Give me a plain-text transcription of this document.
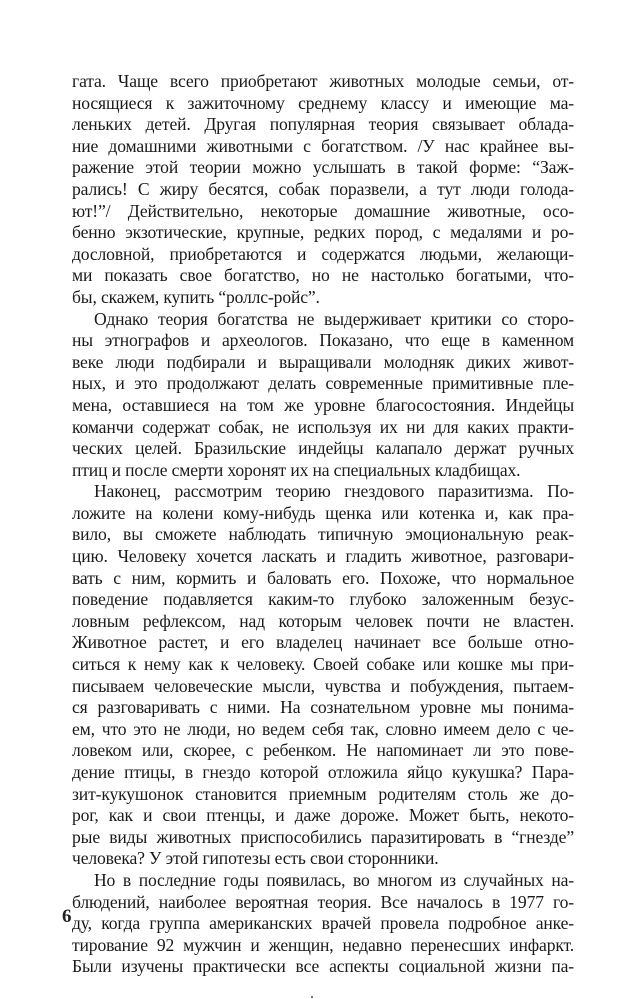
гата. Чаще всего приобретают животных молодые семьи, от-
носящиеся к зажиточному среднему классу и имеющие ма-
леньких детей. Другая популярная теория связывает облада-
ние домашними животными с богатством. /У нас крайнее вы-
ражение этой теории можно услышать в такой форме: “Заж-
рались! С жиру бесятся, собак поразвели, а тут люди голода-
ют!”/ Действительно, некоторые домашние животные, осо-
бенно экзотические, крупные, редких пород, с медалями и ро-
дословной, приобретаются и содержатся людьми, желающи-
ми показать свое богатство, но не настолько богатыми, что-
бы, скажем, купить “роллс-ройс”.
Однако теория богатства не выдерживает критики со сторо-
ны этнографов и археологов. Показано, что еще в каменном
веке люди подбирали и выращивали молодняк диких живот-
ных, и это продолжают делать современные примитивные пле-
мена, оставшиеся на том же уровне благосостояния. Индейцы
команчи содержат собак, не используя их ни для каких практи-
ческих целей. Бразильские индейцы калапало держат ручных
птиц и после смерти хоронят их на специальных кладбищах.
Наконец, рассмотрим теорию гнездового паразитизма. По-
ложите на колени кому-нибудь щенка или котенка и, как пра-
вило, вы сможете наблюдать типичную эмоциональную реак-
цию. Человеку хочется ласкать и гладить животное, разговари-
вать с ним, кормить и баловать его. Похоже, что нормальное
поведение подавляется каким-то глубоко заложенным безус-
ловным рефлексом, над которым человек почти не властен.
Животное растет, и его владелец начинает все больше отно-
ситься к нему как к человеку. Своей собаке или кошке мы при-
писываем человеческие мысли, чувства и побуждения, пытаем-
ся разговаривать с ними. На сознательном уровне мы понима-
ем, что это не люди, но ведем себя так, словно имеем дело с че-
ловеком или, скорее, с ребенком. Не напоминает ли это пове-
дение птицы, в гнездо которой отложила яйцо кукушка? Пара-
зит-кукушонок становится приемным родителям столь же до-
рог, как и свои птенцы, и даже дороже. Может быть, некото-
рые виды животных приспособились паразитировать в “гнезде”
человека? У этой гипотезы есть свои сторонники.
Но в последние годы появилась, во многом из случайных на-
блюдений, наиболее вероятная теория. Все началось в 1977 го-
ду, когда группа американских врачей провела подробное анке-
тирование 92 мужчин и женщин, недавно перенесших инфаркт.
Были изучены практически все аспекты социальной жизни па-
6
